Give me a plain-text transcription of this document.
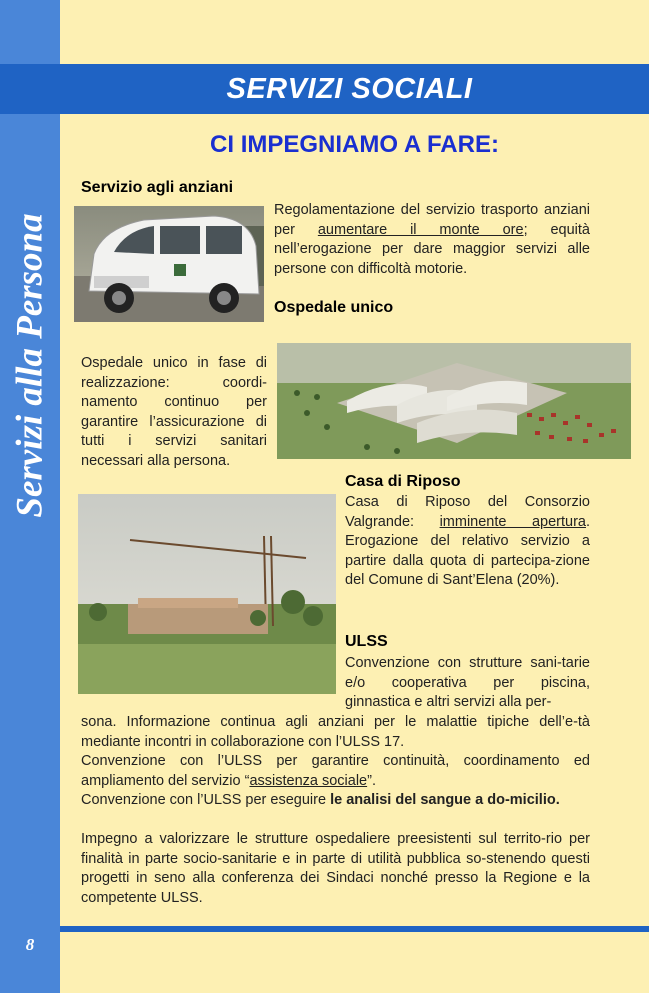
Servizi alla Persona
SERVIZI SOCIALI
CI IMPEGNIAMO A FARE:
Servizio agli anziani

Regolamentazione del servizio trasporto anziani per aumentare il monte ore; equità nell’erogazione per dare maggior servizi alle persone con difficoltà motorie.

Ospedale unico

Ospedale unico in fase di realizzazione: coordi-namento continuo per garantire l’assicurazione di tutti i servizi sanitari necessari alla persona.

Casa di Riposo

Casa di Riposo del Consorzio Valgrande: imminente apertura. Erogazione del relativo servizio a partire dalla quota di partecipa-zione del Comune di Sant’Elena (20%).

ULSS

Convenzione con strutture sani-tarie e/o cooperativa per piscina, ginnastica e altri servizi alla per-

sona. Informazione continua agli anziani per le malattie tipiche dell’e-tà mediante incontri in collaborazione con l’ULSS 17.

Convenzione con l’ULSS per garantire continuità, coordinamento ed ampliamento del servizio “assistenza sociale”.

Convenzione con l’ULSS per eseguire le analisi del sangue a do-micilio.

Impegno a valorizzare le strutture ospedaliere preesistenti sul territo-rio per finalità in parte socio-sanitarie e in parte di utilità pubblica so-stenendo questi progetti in seno alla conferenza dei Sindaci nonché presso la Regione e la competente ULSS.

8
